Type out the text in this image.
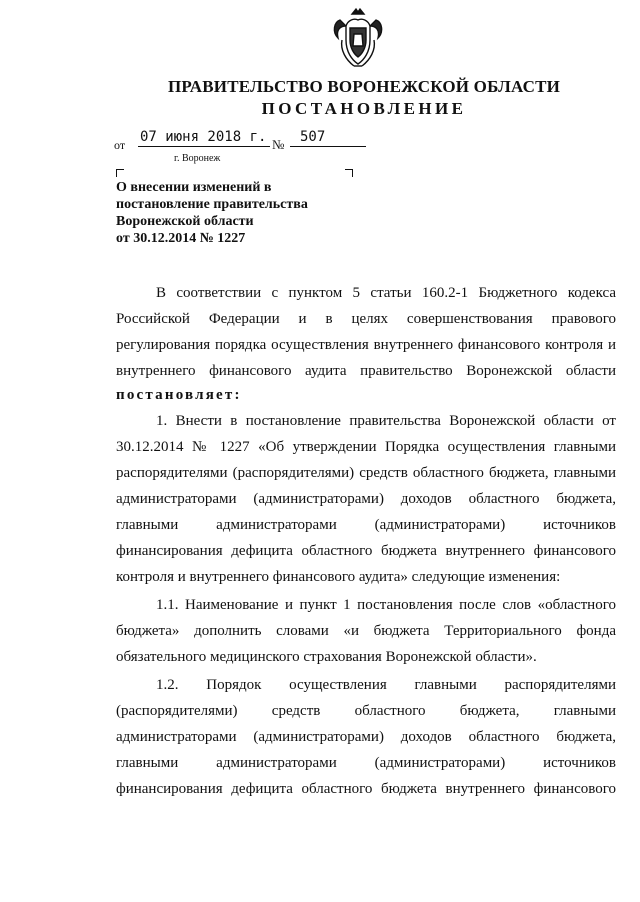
ПРАВИТЕЛЬСТВО ВОРОНЕЖСКОЙ ОБЛАСТИ
ПОСТАНОВЛЕНИЕ
от 07 июня 2018 г. №	507
г. Воронеж
О внесении изменений в
постановление правительства
Воронежской области
от 30.12.2014 № 1227
В соответствии с пунктом 5 статьи 160.2-1 Бюджетного кодекса
Российской Федерации и в целях совершенствования правового
регулирования порядка осуществления внутреннего финансового контроля и
внутреннего финансового аудита правительство Воронежской области
постановляет:
1. Внести в постановление правительства Воронежской области от
30.12.2014 № 1227 «Об утверждении Порядка осуществления главными
распорядителями (распорядителями) средств областного бюджета, главными
администраторами (администраторами) доходов областного бюджета,
главными администраторами (администраторами) источников
финансирования дефицита областного бюджета внутреннего финансового
контроля и внутреннего финансового аудита» следующие изменения:
1.1. Наименование и пункт 1 постановления после слов «областного
бюджета» дополнить словами «и бюджета Территориального фонда
обязательного медицинского страхования Воронежской области».
1.2. Порядок осуществления главными распорядителями
(распорядителями) средств областного бюджета, главными
администраторами (администраторами) доходов областного бюджета,
главными администраторами (администраторами) источников
финансирования дефицита областного бюджета внутреннего финансового
